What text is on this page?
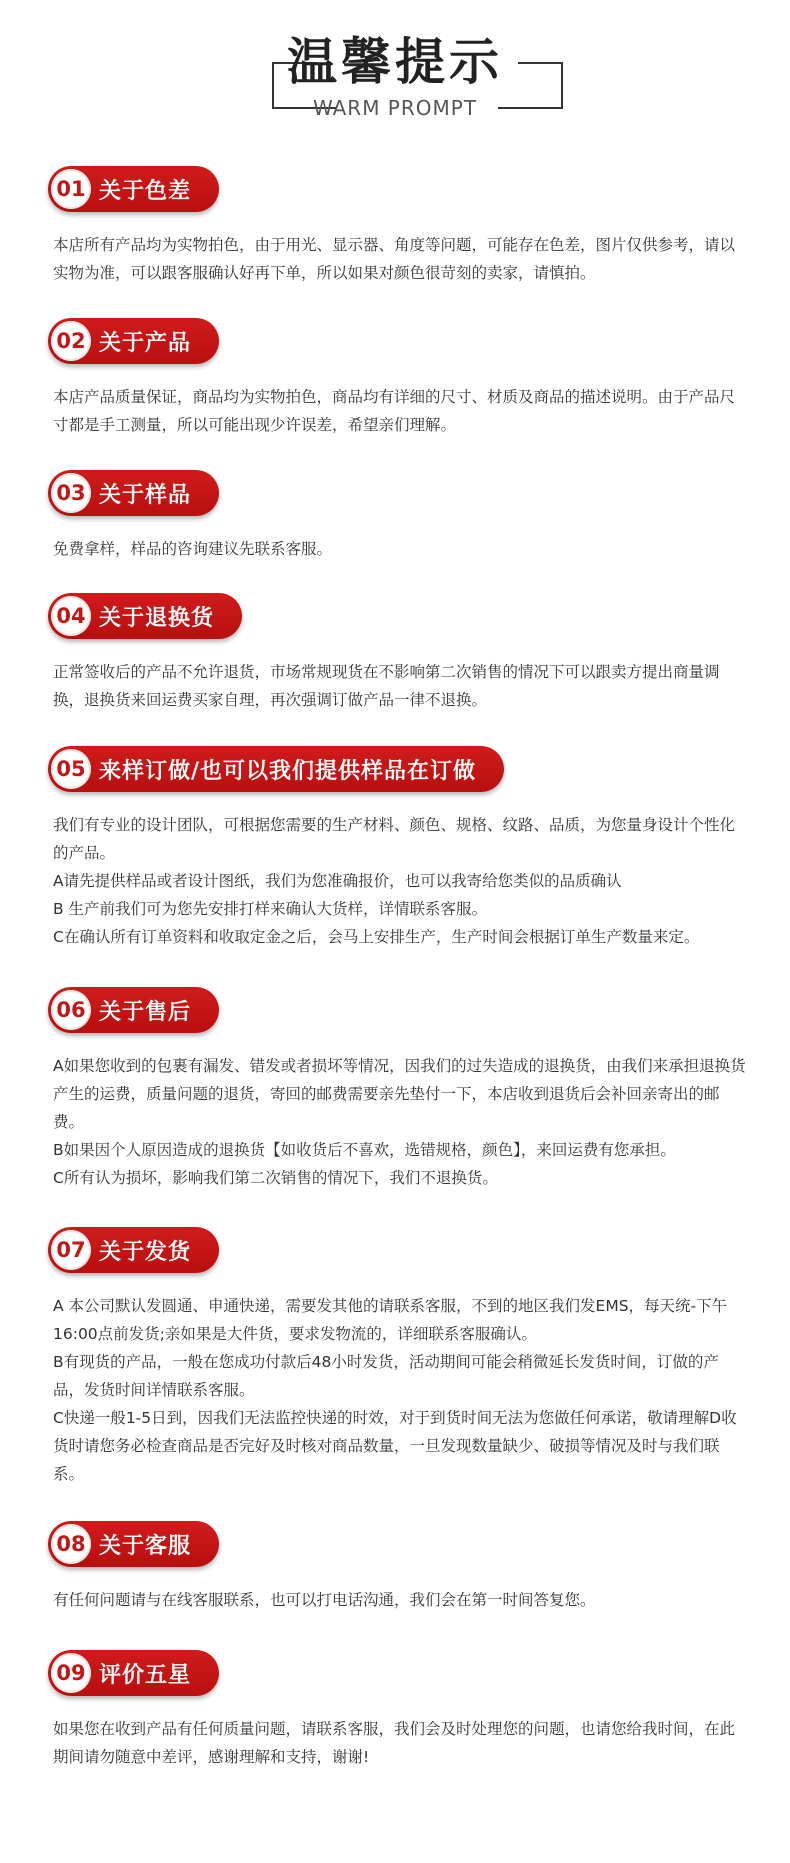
温馨提示
WARM PROMPT
01 关于色差

本店所有产品均为实物拍色，由于用光、显示器、角度等问题，可能存在色差，图片仅供参考，请以实物为准，可以跟客服确认好再下单，所以如果对颜色很苛刻的卖家，请慎拍。

02 关于产品

本店产品质量保证，商品均为实物拍色，商品均有详细的尺寸、材质及商品的描述说明。由于产品尺寸都是手工测量，所以可能出现少许误差，希望亲们理解。

03 关于样品

免费拿样，样品的咨询建议先联系客服。

04 关于退换货

正常签收后的产品不允许退货，市场常规现货在不影响第二次销售的情况下可以跟卖方提出商量调换，退换货来回运费买家自理，再次强调订做产品一律不退换。

05 来样订做/也可以我们提供样品在订做

我们有专业的设计团队，可根据您需要的生产材料、颜色、规格、纹路、品质，为您量身设计个性化的产品。

A请先提供样品或者设计图纸，我们为您准确报价，也可以我寄给您类似的品质确认

B 生产前我们可为您先安排打样来确认大货样，详情联系客服。

C在确认所有订单资料和收取定金之后，会马上安排生产，生产时间会根据订单生产数量来定。

06 关于售后

A如果您收到的包裹有漏发、错发或者损坏等情况，因我们的过失造成的退换货，由我们来承担退换货产生的运费，质量问题的退货，寄回的邮费需要亲先垫付一下，本店收到退货后会补回亲寄出的邮费。

B如果因个人原因造成的退换货【如收货后不喜欢，选错规格，颜色】，来回运费有您承担。

C所有认为损坏，影响我们第二次销售的情况下，我们不退换货。

07 关于发货

A 本公司默认发圆通、申通快递，需要发其他的请联系客服，不到的地区我们发EMS，每天统-下午16:00点前发货;亲如果是大件货，要求发物流的，详细联系客服确认。

B有现货的产品，一般在您成功付款后48小时发货，活动期间可能会稍微延长发货时间，订做的产品，发货时间详情联系客服。

C快递一般1-5日到，因我们无法监控快递的时效，对于到货时间无法为您做任何承诺，敬请理解D收货时请您务必检查商品是否完好及时核对商品数量，一旦发现数量缺少、破损等情况及时与我们联系。

08 关于客服

有任何问题请与在线客服联系，也可以打电话沟通，我们会在第一时间答复您。

09 评价五星

如果您在收到产品有任何质量问题，请联系客服，我们会及时处理您的问题，也请您给我时间，在此期间请勿随意中差评，感谢理解和支持，谢谢!
